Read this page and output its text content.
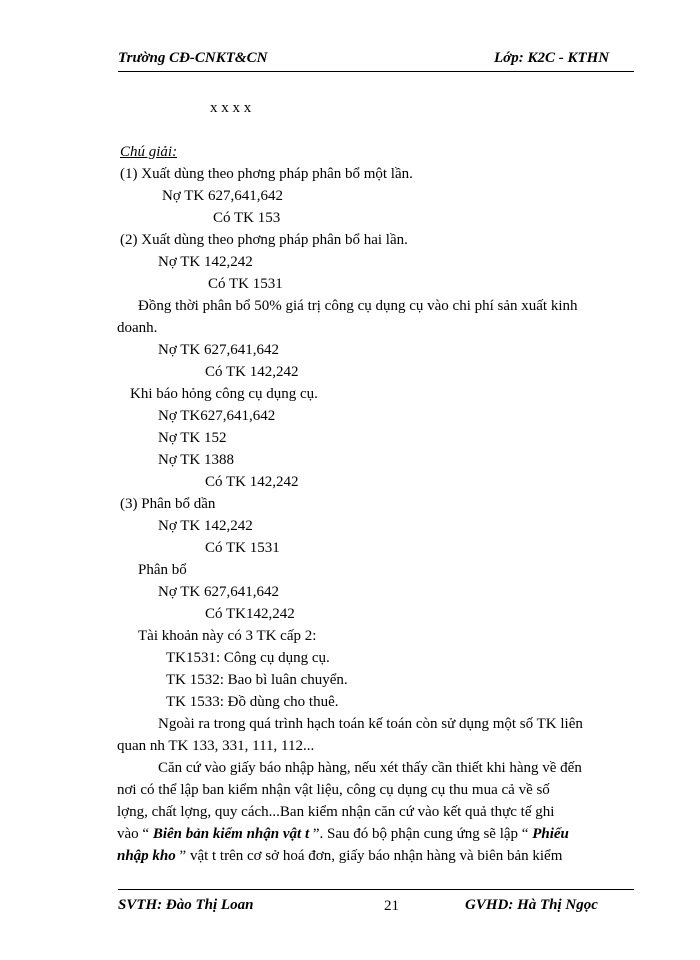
Trường CĐ-CNKT&CN	Lớp: K2C - KTHN
x x x x
Chú giải:
(1) Xuất dùng theo phơng pháp phân bổ một lần.
Nợ TK 627,641,642
Có TK 153
(2) Xuất dùng theo phơng pháp phân bổ hai lần.
Nợ TK 142,242
Có TK 1531
Đồng thời phân bổ 50% giá trị công cụ dụng cụ vào chi phí sản xuất kinh
doanh.
Nợ TK 627,641,642
Có TK 142,242
Khi báo hỏng công cụ dụng cụ.
Nợ TK627,641,642
Nợ TK 152
Nợ TK 1388
Có TK 142,242
(3) Phân bổ dần
Nợ TK 142,242
Có TK 1531
Phân bổ
Nợ TK 627,641,642
Có TK142,242
Tài khoản này có 3 TK cấp 2:
TK1531: Công cụ dụng cụ.
TK 1532: Bao bì luân chuyển.
TK 1533: Đồ dùng cho thuê.
Ngoài ra trong quá trình hạch toán kế toán còn sử dụng một số TK liên
quan nh TK 133, 331, 111, 112...
Căn cứ vào giấy báo nhập hàng, nếu xét thấy cần thiết khi hàng về đến
nơi có thể lập ban kiểm nhận vật liệu, công cụ dụng cụ thu mua cả về số
lợng, chất lợng, quy cách...Ban kiểm nhận căn cứ vào kết quả thực tế ghi
vào “ Biên bản kiểm nhận vật t ”. Sau đó bộ phận cung ứng sẽ lập “ Phiếu
nhập kho ” vật t trên cơ sở hoá đơn, giấy báo nhận hàng và biên bản kiểm
SVTH: Đào Thị Loan	21	GVHD: Hà Thị Ngọc
